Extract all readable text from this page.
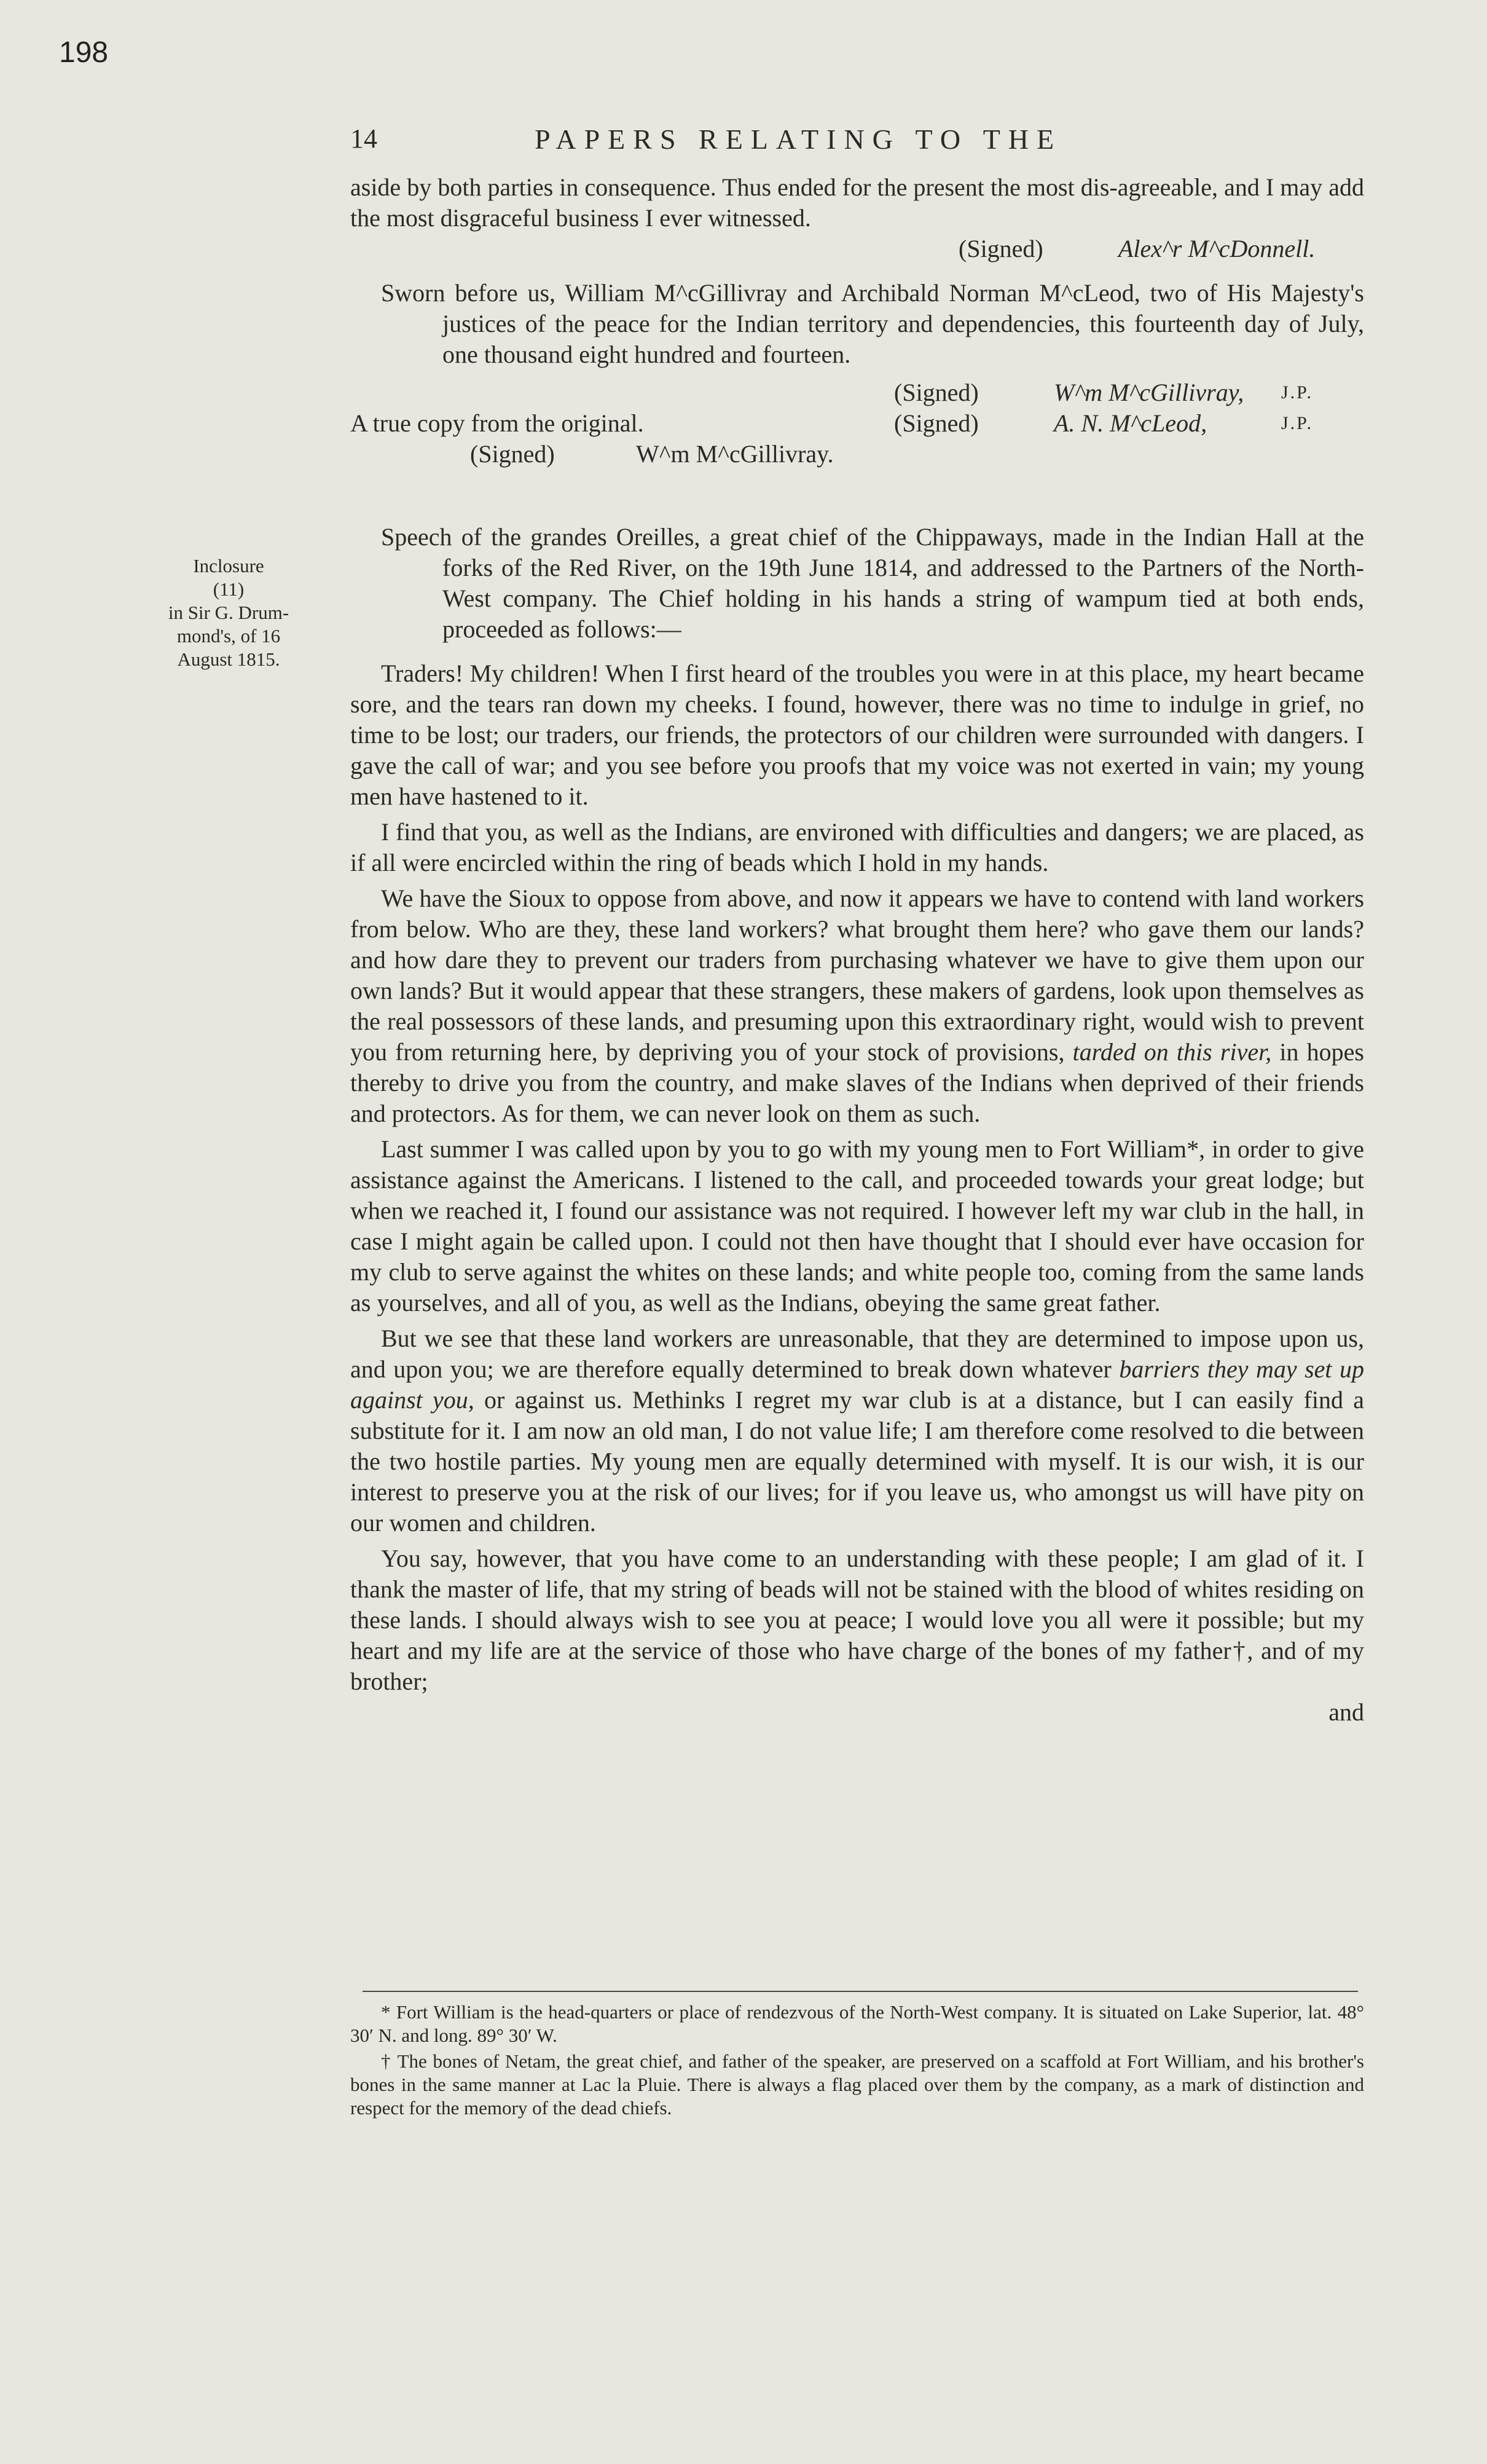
198
14	PAPERS RELATING TO THE
Inclosure
(11)
in Sir G. Drum-
mond's, of 16
August 1815.

aside by both parties in consequence. Thus ended for the present the most dis-agreeable, and I may add the most disgraceful business I ever witnessed.

(Signed)	Alex^r M^cDonnell.

Sworn before us, William M^cGillivray and Archibald Norman M^cLeod, two of His Majesty's justices of the peace for the Indian territory and dependencies, this fourteenth day of July, one thousand eight hundred and fourteen.

(Signed)	W^m M^cGillivray, J.P.
A true copy from the original.	(Signed)	A. N. M^cLeod,	J.P.
(Signed)	W^m M^cGillivray.

Speech of the grandes Oreilles, a great chief of the Chippaways, made in the Indian Hall at the forks of the Red River, on the 19th June 1814, and addressed to the Partners of the North-West company. The Chief holding in his hands a string of wampum tied at both ends, proceeded as follows:—

Traders! My children! When I first heard of the troubles you were in at this place, my heart became sore, and the tears ran down my cheeks. I found, however, there was no time to indulge in grief, no time to be lost; our traders, our friends, the protectors of our children were surrounded with dangers. I gave the call of war; and you see before you proofs that my voice was not exerted in vain; my young men have hastened to it.

I find that you, as well as the Indians, are environed with difficulties and dangers; we are placed, as if all were encircled within the ring of beads which I hold in my hands.

We have the Sioux to oppose from above, and now it appears we have to contend with land workers from below. Who are they, these land workers? what brought them here? who gave them our lands? and how dare they to prevent our traders from purchasing whatever we have to give them upon our own lands? But it would appear that these strangers, these makers of gardens, look upon themselves as the real possessors of these lands, and presuming upon this extraordinary right, would wish to prevent you from returning here, by depriving you of your stock of provisions, tarded on this river, in hopes thereby to drive you from the country, and make slaves of the Indians when deprived of their friends and protectors. As for them, we can never look on them as such.

Last summer I was called upon by you to go with my young men to Fort William*, in order to give assistance against the Americans. I listened to the call, and proceeded towards your great lodge; but when we reached it, I found our assistance was not required. I however left my war club in the hall, in case I might again be called upon. I could not then have thought that I should ever have occasion for my club to serve against the whites on these lands; and white people too, coming from the same lands as yourselves, and all of you, as well as the Indians, obeying the same great father.

But we see that these land workers are unreasonable, that they are determined to impose upon us, and upon you; we are therefore equally determined to break down whatever barriers they may set up against you, or against us. Methinks I regret my war club is at a distance, but I can easily find a substitute for it. I am now an old man, I do not value life; I am therefore come resolved to die between the two hostile parties. My young men are equally determined with myself. It is our wish, it is our interest to preserve you at the risk of our lives; for if you leave us, who amongst us will have pity on our women and children.

You say, however, that you have come to an understanding with these people; I am glad of it. I thank the master of life, that my string of beads will not be stained with the blood of whites residing on these lands. I should always wish to see you at peace; I would love you all were it possible; but my heart and my life are at the service of those who have charge of the bones of my father†, and of my brother;

and

* Fort William is the head-quarters or place of rendezvous of the North-West company. It is situated on Lake Superior, lat. 48° 30′ N. and long. 89° 30′ W.

† The bones of Netam, the great chief, and father of the speaker, are preserved on a scaffold at Fort William, and his brother's bones in the same manner at Lac la Pluie. There is always a flag placed over them by the company, as a mark of distinction and respect for the memory of the dead chiefs.
